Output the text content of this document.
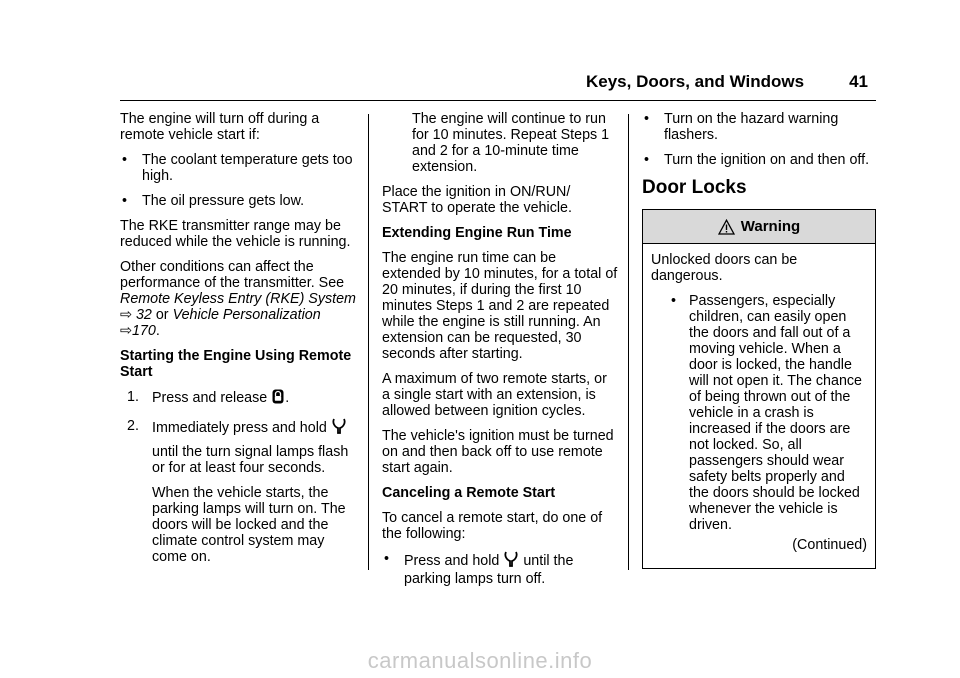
Keys, Doors, and Windows	41

The engine will turn off during a remote vehicle start if:

• The coolant temperature gets too high.
• The oil pressure gets low.

The RKE transmitter range may be reduced while the vehicle is running.

Other conditions can affect the performance of the transmitter. See Remote Keyless Entry (RKE) System ⇨ 32 or Vehicle Personalization ⇨170.

Starting the Engine Using Remote Start

1. Press and release .
2. Immediately press and hold

until the turn signal lamps flash or for at least four seconds.

When the vehicle starts, the parking lamps will turn on. The doors will be locked and the climate control system may come on.

The engine will continue to run for 10 minutes. Repeat Steps 1 and 2 for a 10-minute time extension.

Place the ignition in ON/RUN/ START to operate the vehicle.

Extending Engine Run Time

The engine run time can be extended by 10 minutes, for a total of 20 minutes, if during the first 10 minutes Steps 1 and 2 are repeated while the engine is still running. An extension can be requested, 30 seconds after starting.

A maximum of two remote starts, or a single start with an extension, is allowed between ignition cycles.

The vehicle's ignition must be turned on and then back off to use remote start again.

Canceling a Remote Start

To cancel a remote start, do one of the following:

• Press and hold until the parking lamps turn off.
• Turn on the hazard warning flashers.
• Turn the ignition on and then off.
Door Locks
Warning

Unlocked doors can be dangerous.

• Passengers, especially children, can easily open the doors and fall out of a moving vehicle. When a door is locked, the handle will not open it. The chance of being thrown out of the vehicle in a crash is increased if the doors are not locked. So, all passengers should wear safety belts properly and the doors should be locked whenever the vehicle is driven.

(Continued)

carmanualsonline.info
